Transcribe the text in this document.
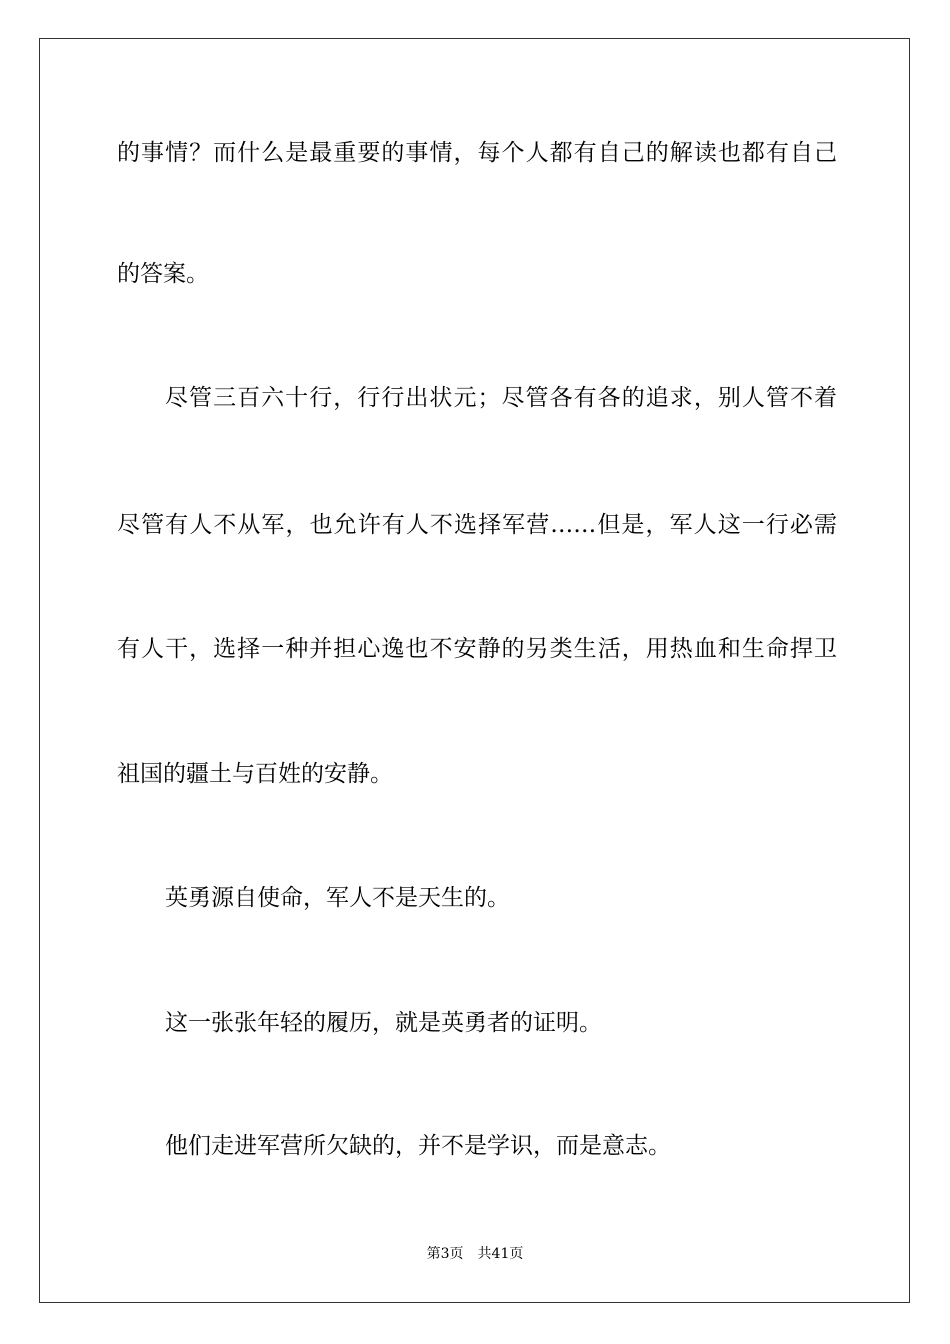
的事情？而什么是最重要的事情，每个人都有自己的解读也都有自己
的答案。
尽管三百六十行，行行出状元；尽管各有各的追求，别人管不着
尽管有人不从军，也允许有人不选择军营……但是，军人这一行必需
有人干，选择一种并担心逸也不安静的另类生活，用热血和生命捍卫
祖国的疆土与百姓的安静。
英勇源自使命，军人不是天生的。
这一张张年轻的履历，就是英勇者的证明。
他们走进军营所欠缺的，并不是学识，而是意志。
第3页 共41页
